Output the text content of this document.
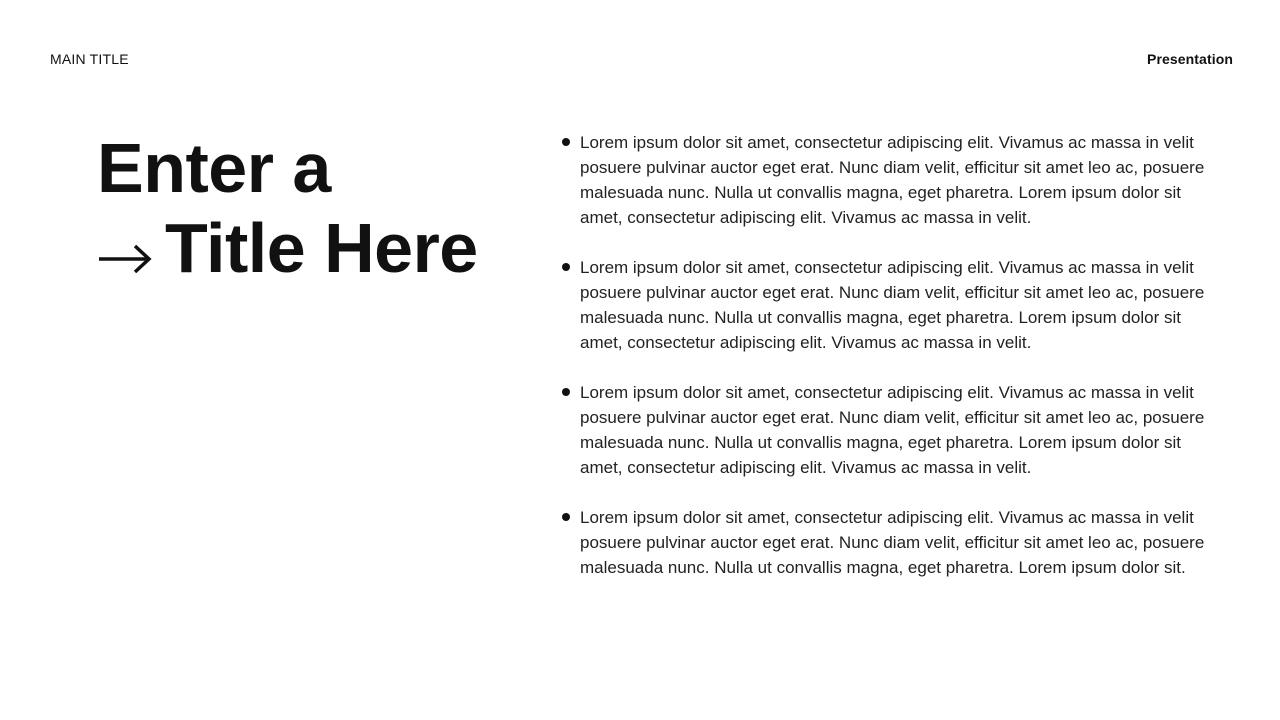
MAIN TITLE	Presentation
Enter a
Title Here
Lorem ipsum dolor sit amet, consectetur adipiscing elit. Vivamus ac massa in velit posuere pulvinar auctor eget erat. Nunc diam velit, efficitur sit amet leo ac, posuere malesuada nunc. Nulla ut convallis magna, eget pharetra. Lorem ipsum dolor sit amet, consectetur adipiscing elit. Vivamus ac massa in velit.
Lorem ipsum dolor sit amet, consectetur adipiscing elit. Vivamus ac massa in velit posuere pulvinar auctor eget erat. Nunc diam velit, efficitur sit amet leo ac, posuere malesuada nunc. Nulla ut convallis magna, eget pharetra. Lorem ipsum dolor sit amet, consectetur adipiscing elit. Vivamus ac massa in velit.
Lorem ipsum dolor sit amet, consectetur adipiscing elit. Vivamus ac massa in velit posuere pulvinar auctor eget erat. Nunc diam velit, efficitur sit amet leo ac, posuere malesuada nunc. Nulla ut convallis magna, eget pharetra. Lorem ipsum dolor sit amet, consectetur adipiscing elit. Vivamus ac massa in velit.
Lorem ipsum dolor sit amet, consectetur adipiscing elit. Vivamus ac massa in velit posuere pulvinar auctor eget erat. Nunc diam velit, efficitur sit amet leo ac, posuere malesuada nunc. Nulla ut convallis magna, eget pharetra. Lorem ipsum dolor sit.
